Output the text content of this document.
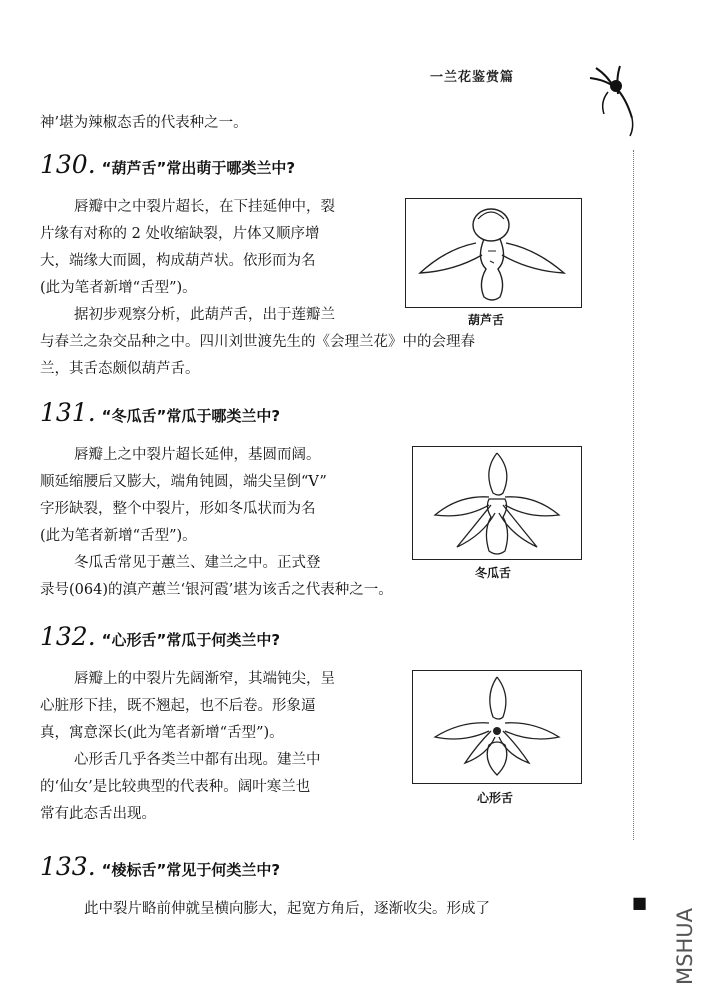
一兰花鉴赏篇

神’堪为辣椒态舌的代表种之一。

130. “葫芦舌”常出萌于哪类兰中?

唇瓣中之中裂片超长，在下挂延伸中，裂

片缘有对称的 2 处收缩缺裂，片体又顺序增

大，端缘大而圆，构成葫芦状。依形而为名

(此为笔者新增“舌型”)。

据初步观察分析，此葫芦舌，出于莲瓣兰

与春兰之杂交品种之中。四川刘世渡先生的《会理兰花》中的会理春

兰，其舌态颇似葫芦舌。

葫芦舌
131. “冬瓜舌”常瓜于哪类兰中?

唇瓣上之中裂片超长延伸，基圆而阔。

顺延缩腰后又膨大，端角钝圆，端尖呈倒“V”

字形缺裂，整个中裂片，形如冬瓜状而为名

(此为笔者新增“舌型”)。

冬瓜舌常见于蕙兰、建兰之中。正式登

录号(064)的滇产蕙兰‘银河霞’堪为该舌之代表种之一。

冬瓜舌
132. “心形舌”常瓜于何类兰中?

唇瓣上的中裂片先阔渐窄，其端钝尖，呈

心脏形下挂，既不翘起，也不后卷。形象逼

真，寓意深长(此为笔者新增“舌型”)。

心形舌几乎各类兰中都有出现。建兰中

的‘仙女’是比较典型的代表种。阔叶寒兰也

常有此态舌出现。

心形舌
133. “棱标舌”常见于何类兰中?

此中裂片略前伸就呈横向膨大，起宽方角后，逐渐收尖。形成了	■
MSHUA
